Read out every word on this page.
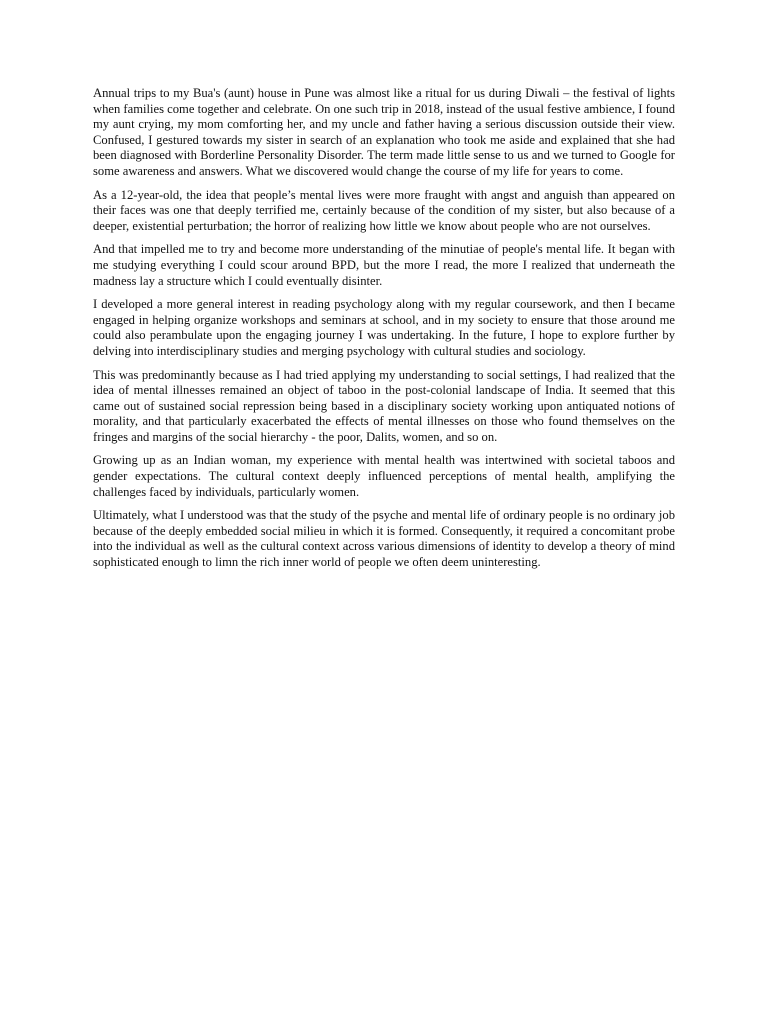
Annual trips to my Bua's (aunt) house in Pune was almost like a ritual for us during Diwali – the festival of lights when families come together and celebrate. On one such trip in 2018, instead of the usual festive ambience, I found my aunt crying, my mom comforting her, and my uncle and father having a serious discussion outside their view. Confused, I gestured towards my sister in search of an explanation who took me aside and explained that she had been diagnosed with Borderline Personality Disorder. The term made little sense to us and we turned to Google for some awareness and answers. What we discovered would change the course of my life for years to come.

As a 12-year-old, the idea that people’s mental lives were more fraught with angst and anguish than appeared on their faces was one that deeply terrified me, certainly because of the condition of my sister, but also because of a deeper, existential perturbation; the horror of realizing how little we know about people who are not ourselves.

And that impelled me to try and become more understanding of the minutiae of people's mental life. It began with me studying everything I could scour around BPD, but the more I read, the more I realized that underneath the madness lay a structure which I could eventually disinter.

I developed a more general interest in reading psychology along with my regular coursework, and then I became engaged in helping organize workshops and seminars at school, and in my society to ensure that those around me could also perambulate upon the engaging journey I was undertaking. In the future, I hope to explore further by delving into interdisciplinary studies and merging psychology with cultural studies and sociology.

This was predominantly because as I had tried applying my understanding to social settings, I had realized that the idea of mental illnesses remained an object of taboo in the post-colonial landscape of India. It seemed that this came out of sustained social repression being based in a disciplinary society working upon antiquated notions of morality, and that particularly exacerbated the effects of mental illnesses on those who found themselves on the fringes and margins of the social hierarchy - the poor, Dalits, women, and so on.

Growing up as an Indian woman, my experience with mental health was intertwined with societal taboos and gender expectations. The cultural context deeply influenced perceptions of mental health, amplifying the challenges faced by individuals, particularly women.

Ultimately, what I understood was that the study of the psyche and mental life of ordinary people is no ordinary job because of the deeply embedded social milieu in which it is formed. Consequently, it required a concomitant probe into the individual as well as the cultural context across various dimensions of identity to develop a theory of mind sophisticated enough to limn the rich inner world of people we often deem uninteresting.
